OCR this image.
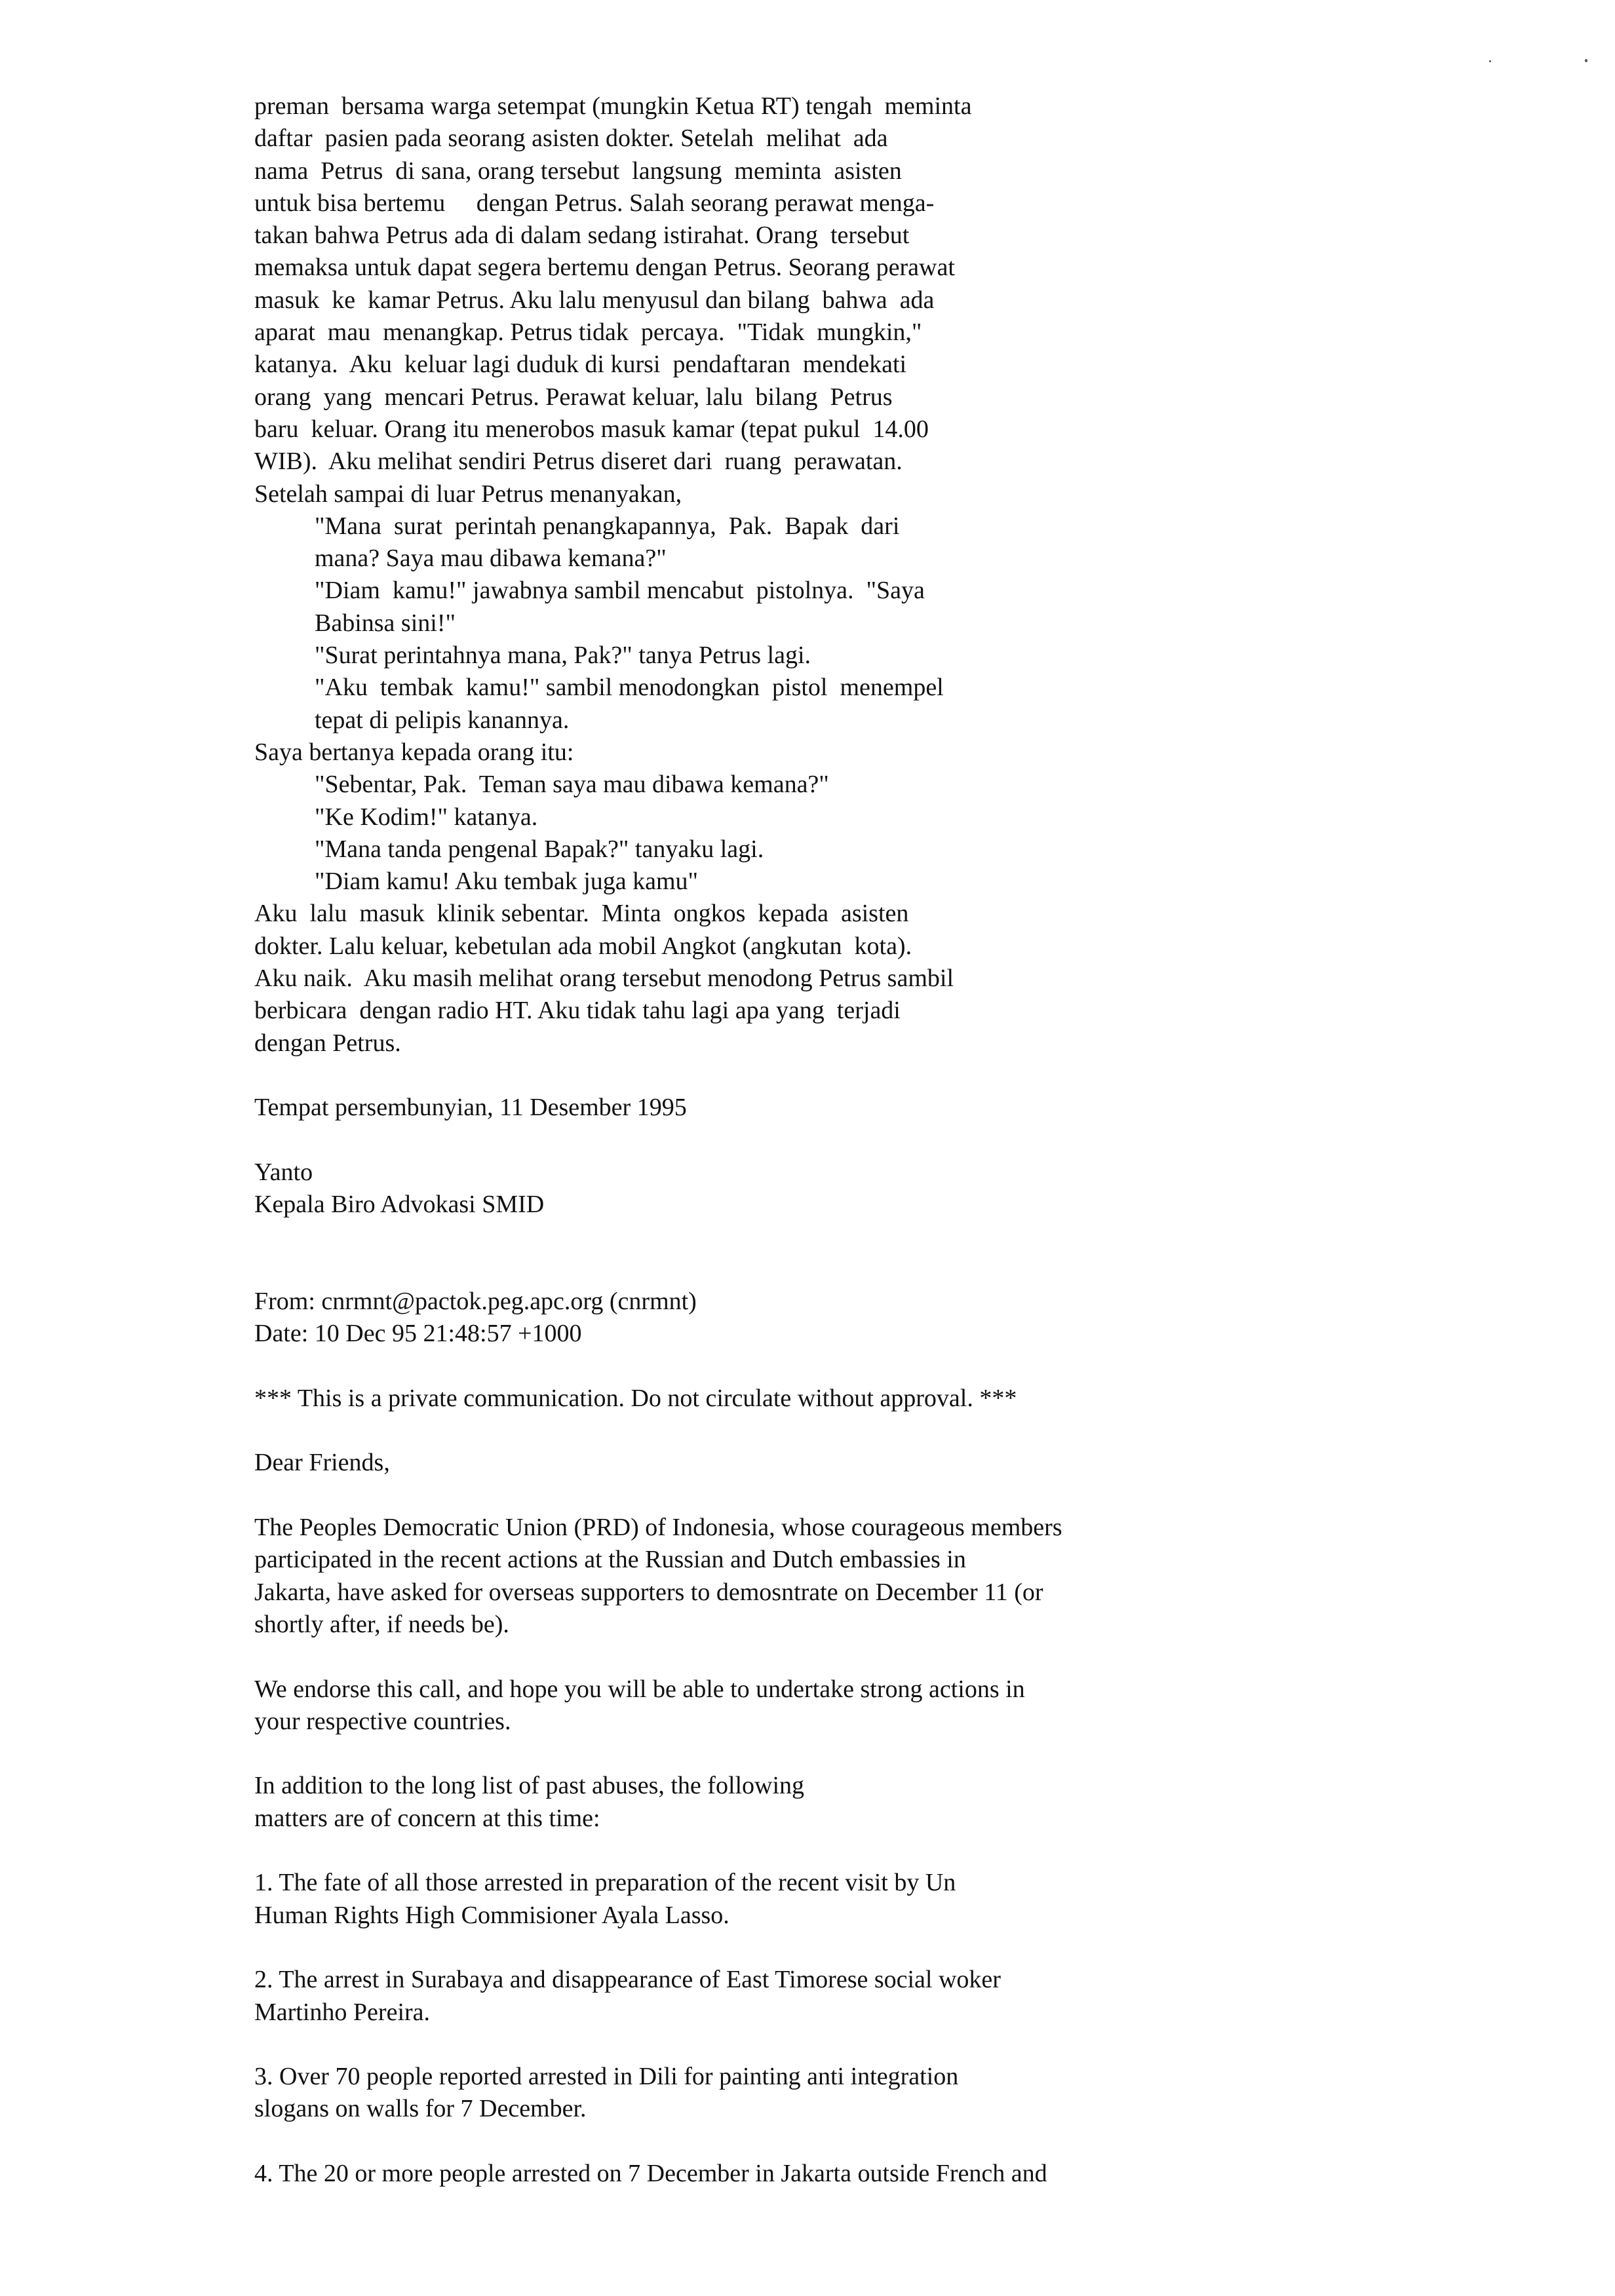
preman  bersama warga setempat (mungkin Ketua RT) tengah  meminta
daftar  pasien pada seorang asisten dokter. Setelah  melihat  ada
nama  Petrus  di sana, orang tersebut  langsung  meminta  asisten
untuk bisa bertemu     dengan Petrus. Salah seorang perawat menga-
takan bahwa Petrus ada di dalam sedang istirahat. Orang  tersebut
memaksa untuk dapat segera bertemu dengan Petrus. Seorang perawat
masuk  ke  kamar Petrus. Aku lalu menyusul dan bilang  bahwa  ada
aparat  mau  menangkap. Petrus tidak  percaya.  "Tidak  mungkin,"
katanya.  Aku  keluar lagi duduk di kursi  pendaftaran  mendekati
orang  yang  mencari Petrus. Perawat keluar, lalu  bilang  Petrus
baru  keluar. Orang itu menerobos masuk kamar (tepat pukul  14.00
WIB).  Aku melihat sendiri Petrus diseret dari  ruang  perawatan.
Setelah sampai di luar Petrus menanyakan,
"Mana  surat  perintah penangkapannya,  Pak.  Bapak  dari
mana? Saya mau dibawa kemana?"
"Diam  kamu!" jawabnya sambil mencabut  pistolnya.  "Saya
Babinsa sini!"
"Surat perintahnya mana, Pak?" tanya Petrus lagi.
"Aku  tembak  kamu!" sambil menodongkan  pistol  menempel
tepat di pelipis kanannya.
Saya bertanya kepada orang itu:
"Sebentar, Pak.  Teman saya mau dibawa kemana?"
"Ke Kodim!" katanya.
"Mana tanda pengenal Bapak?" tanyaku lagi.
"Diam kamu! Aku tembak juga kamu"
Aku  lalu  masuk  klinik sebentar.  Minta  ongkos  kepada  asisten
dokter. Lalu keluar, kebetulan ada mobil Angkot (angkutan  kota).
Aku naik.  Aku masih melihat orang tersebut menodong Petrus sambil
berbicara  dengan radio HT. Aku tidak tahu lagi apa yang  terjadi
dengan Petrus.
Tempat persembunyian, 11 Desember 1995
Yanto
Kepala Biro Advokasi SMID
From: cnrmnt@pactok.peg.apc.org (cnrmnt)
Date: 10 Dec 95 21:48:57 +1000
*** This is a private communication. Do not circulate without approval. ***
Dear Friends,
The Peoples Democratic Union (PRD) of Indonesia, whose courageous members
participated in the recent actions at the Russian and Dutch embassies in
Jakarta, have asked for overseas supporters to demosntrate on December 11 (or
shortly after, if needs be).
We endorse this call, and hope you will be able to undertake strong actions in
your respective countries.
In addition to the long list of past abuses, the following
matters are of concern at this time:
1. The fate of all those arrested in preparation of the recent visit by Un
Human Rights High Commisioner Ayala Lasso.
2. The arrest in Surabaya and disappearance of East Timorese social woker
Martinho Pereira.
3. Over 70 people reported arrested in Dili for painting anti integration
slogans on walls for 7 December.
4. The 20 or more people arrested on 7 December in Jakarta outside French and
